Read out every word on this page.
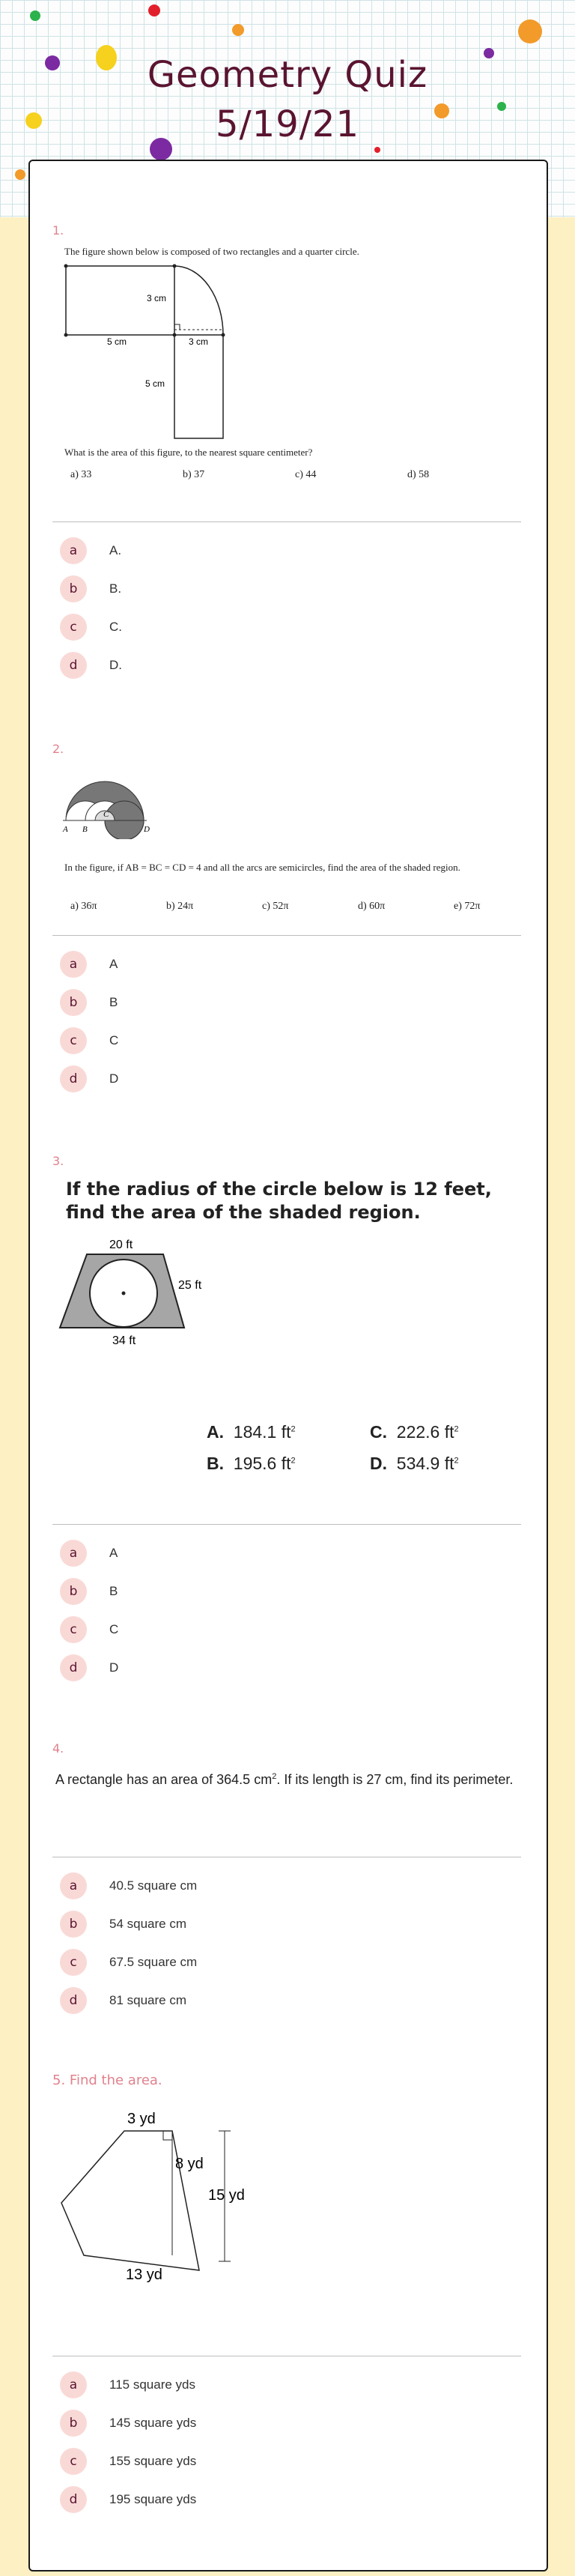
Geometry Quiz
5/19/21
1.
The figure shown below is composed of two rectangles and a quarter circle.
3 cm
5 cm	3 cm
5 cm
What is the area of this figure, to the nearest square centimeter?
a) 33	b) 37	c) 44	d) 58
a	A.
b	B.
c	C.
d	D.
2.
A B
C
D
In the figure, if AB = BC = CD = 4 and all the arcs are semicircles, find the area of the shaded region.
a) 36π	b) 24π	c) 52π	d) 60π	e) 72π
a	A
b	B
c	C
d	D
3.
If the radius of the circle below is 12 feet, find the area of the shaded region.
20 ft
25 ft
34 ft
A. 184.1 $ft^2$	C. 222.6 $ft^2$
B. 195.6 $ft^2$	D. 534.9 $ft^2$
a	A
b	B
c	C
d	D
4.
A rectangle has an area of 364.5 $cm^2$. If its length is 27 cm, find its perimeter.
a	40.5 square cm
b	54 square cm
c	67.5 square cm
d	81 square cm
5. Find the area.
3 yd
8 yd
15 yd
13 yd
a	115 square yds
b	145 square yds
c	155 square yds
d	195 square yds
